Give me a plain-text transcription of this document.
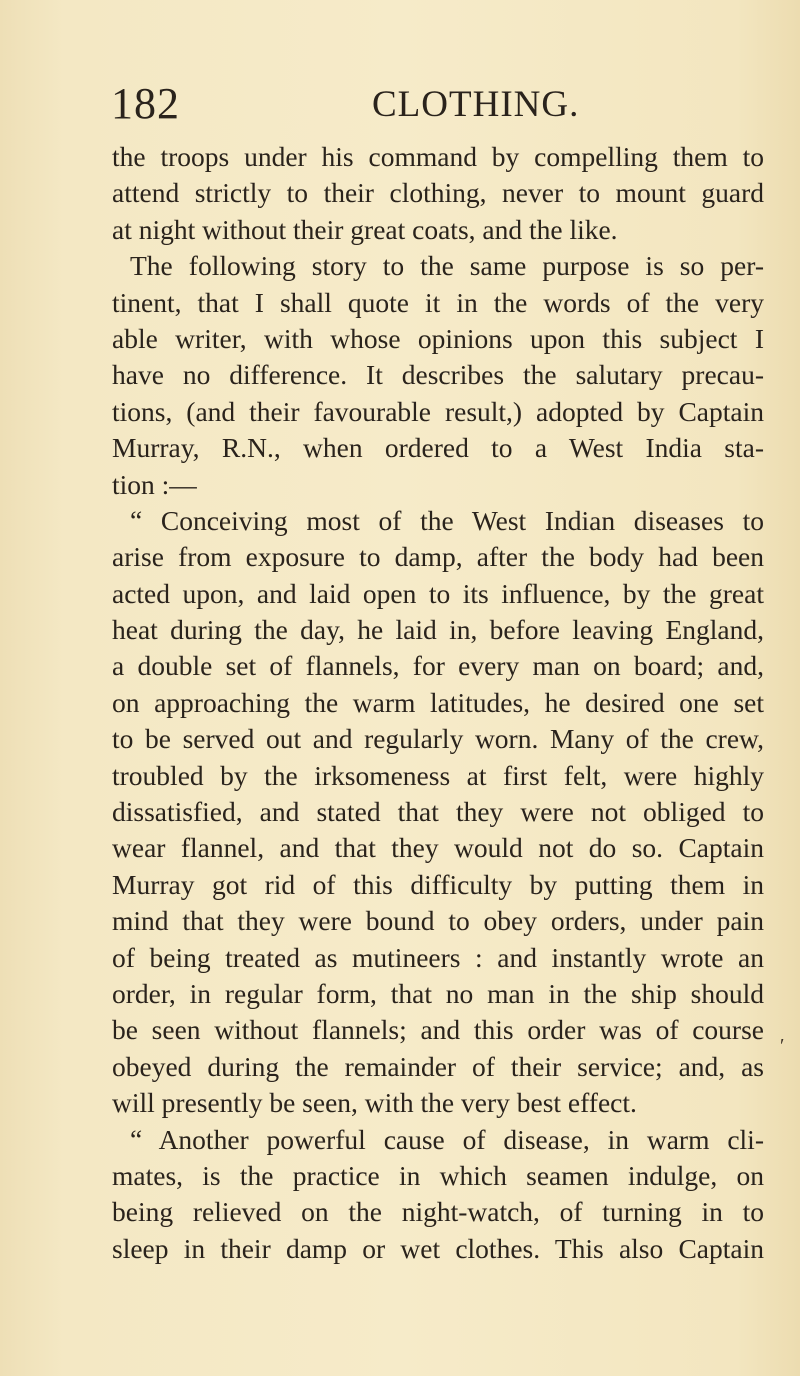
182	CLOTHING.
the troops under his command by compelling them to
attend strictly to their clothing, never to mount guard
at night without their great coats, and the like.
The following story to the same purpose is so per-
tinent, that I shall quote it in the words of the very
able writer, with whose opinions upon this subject I
have no difference. It describes the salutary precau-
tions, (and their favourable result,) adopted by Captain
Murray, R.N., when ordered to a West India sta-
tion :—
“ Conceiving most of the West Indian diseases to
arise from exposure to damp, after the body had been
acted upon, and laid open to its influence, by the great
heat during the day, he laid in, before leaving England,
a double set of flannels, for every man on board; and,
on approaching the warm latitudes, he desired one set
to be served out and regularly worn. Many of the crew,
troubled by the irksomeness at first felt, were highly
dissatisfied, and stated that they were not obliged to
wear flannel, and that they would not do so. Captain
Murray got rid of this difficulty by putting them in
mind that they were bound to obey orders, under pain
of being treated as mutineers : and instantly wrote an
order, in regular form, that no man in the ship should
be seen without flannels; and this order was of course
obeyed during the remainder of their service; and, as
will presently be seen, with the very best effect.
“ Another powerful cause of disease, in warm cli-
mates, is the practice in which seamen indulge, on
being relieved on the night-watch, of turning in to
sleep in their damp or wet clothes. This also Captain
′
